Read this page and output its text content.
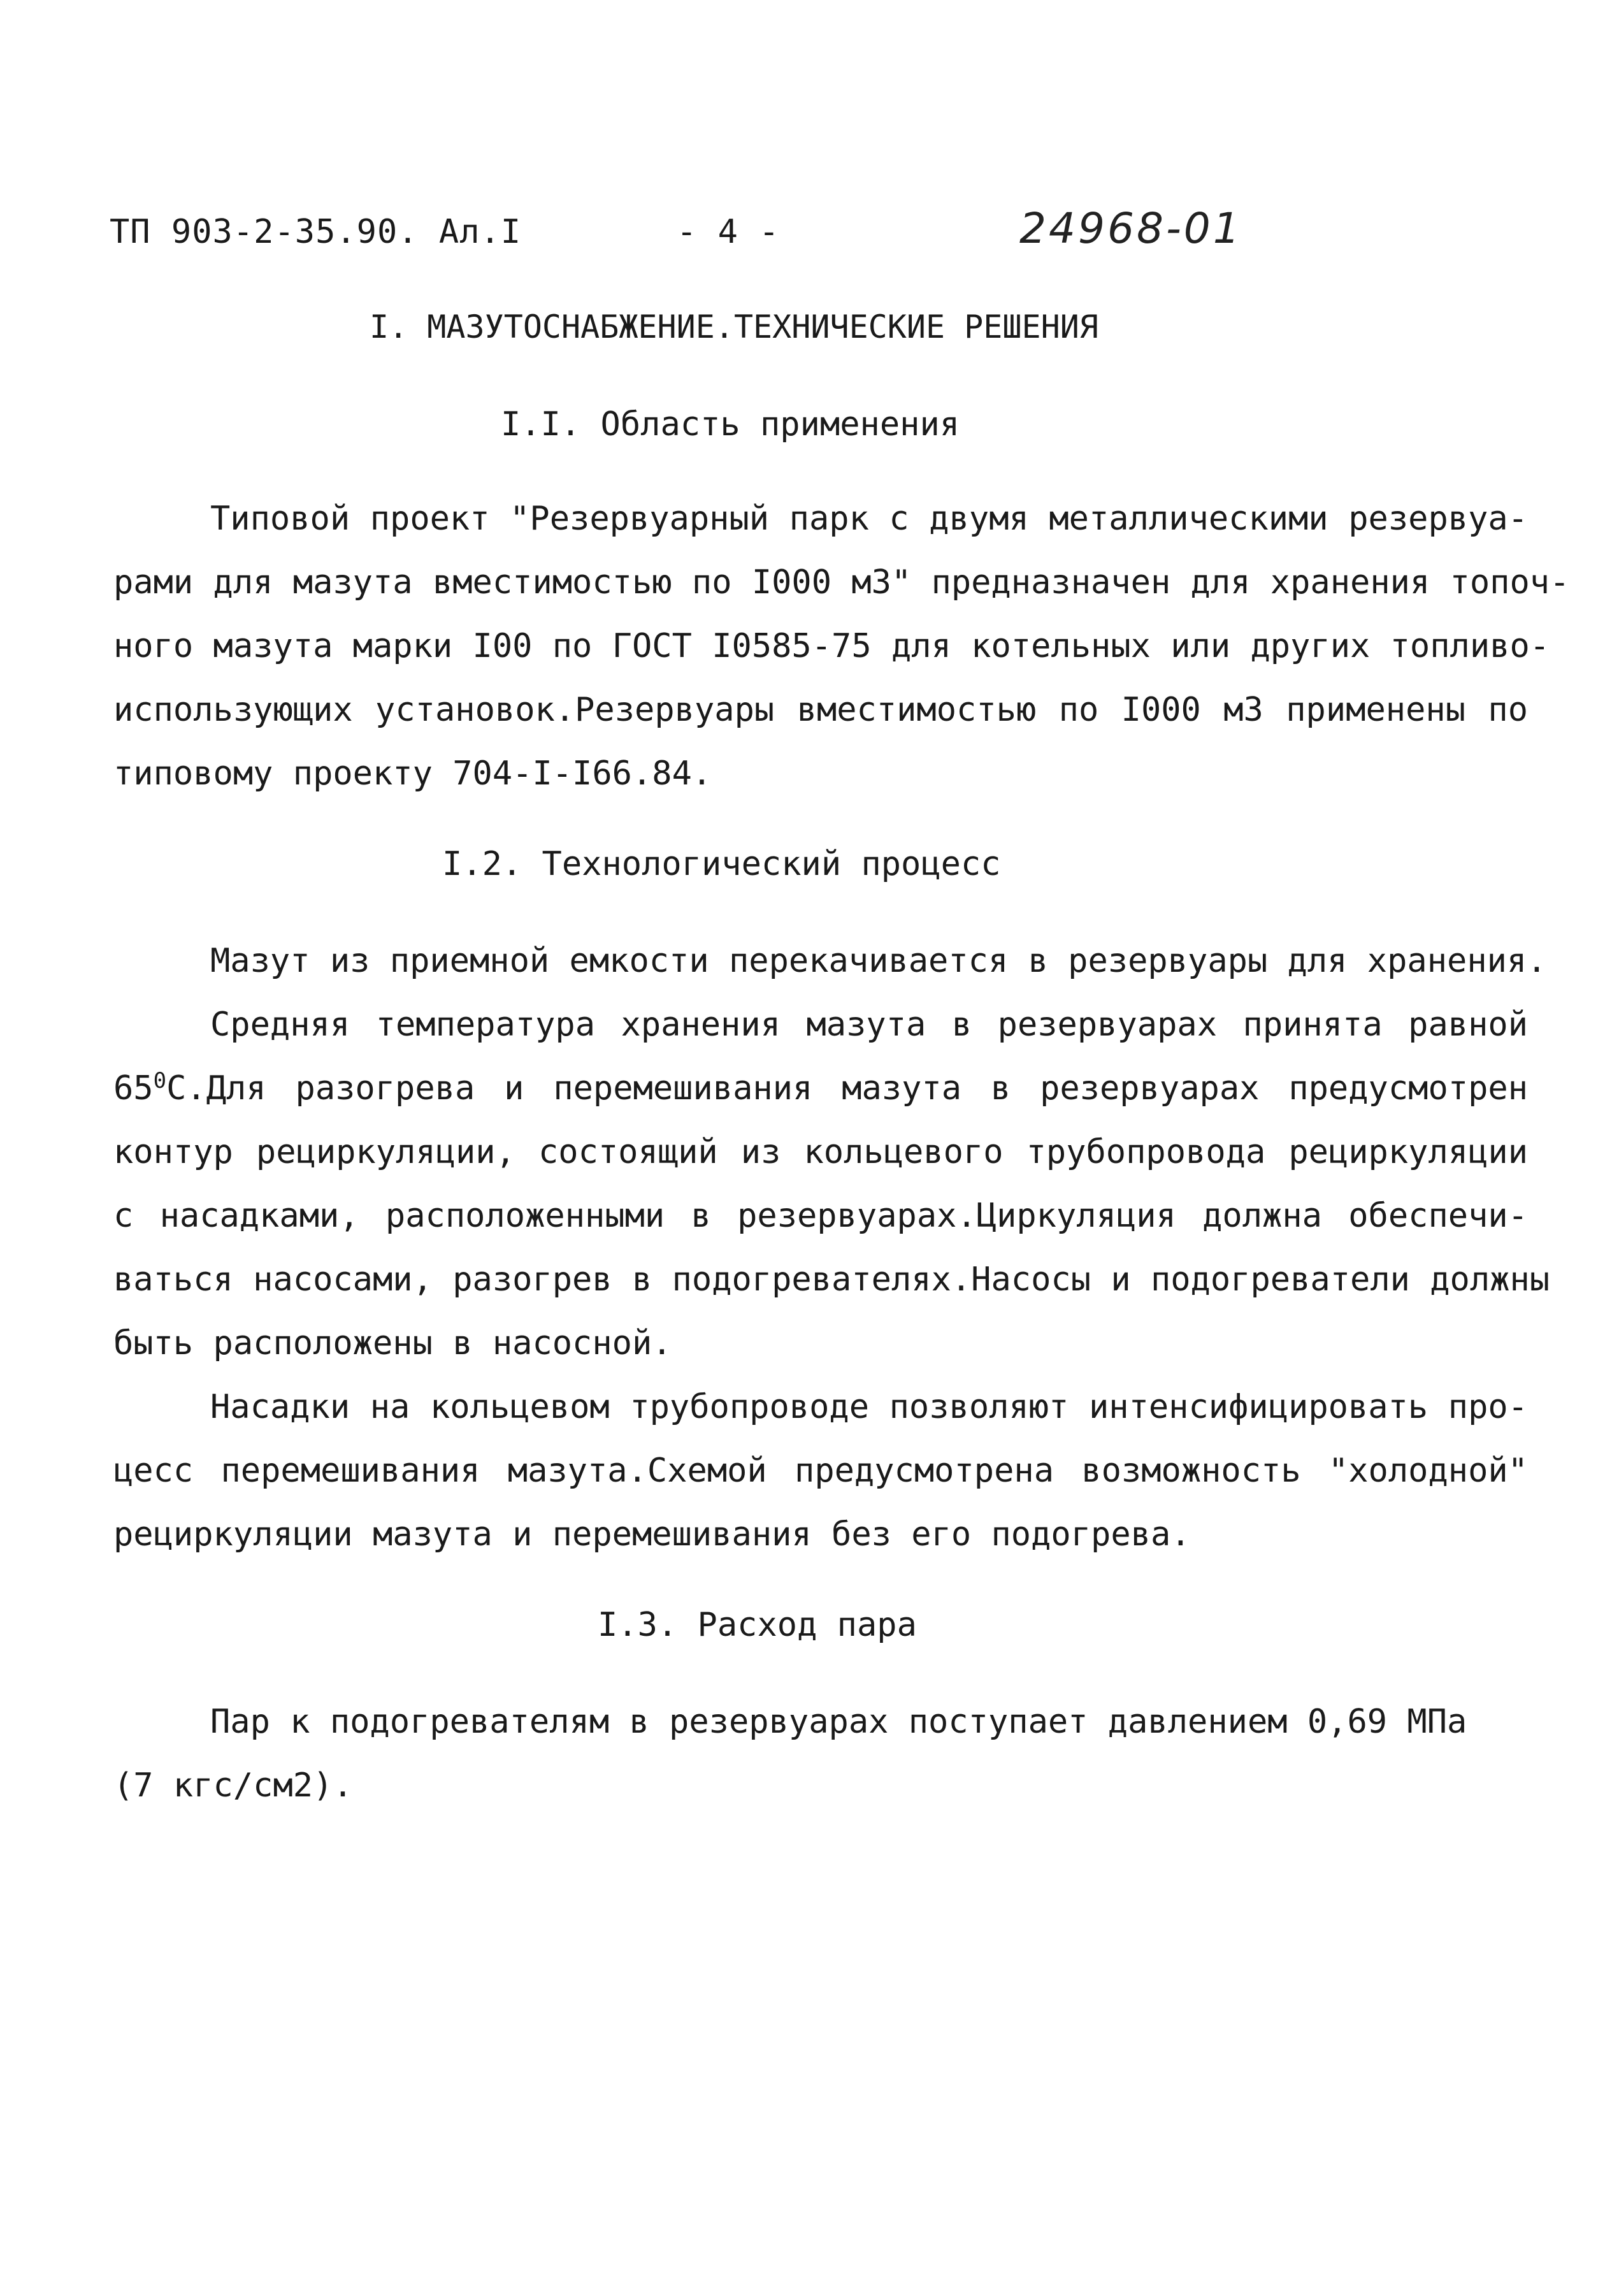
ТП 903-2-35.90. Ал.I	- 4 -	24968-01
I. МАЗУТОСНАБЖЕНИЕ.ТЕХНИЧЕСКИЕ РЕШЕНИЯ
I.I. Область применения
Типовой проект "Резервуарный парк с двумя металлическими резервуа-
рами для мазута вместимостью по I000 м3" предназначен для хранения топоч-
ного мазута марки I00 по ГОСТ I0585-75 для котельных или других топливо-
использующих установок.Резервуары вместимостью по I000 м3 применены по
типовому проекту 704-I-I66.84.
I.2. Технологический процесс
Мазут из приемной емкости перекачивается в резервуары для хранения.
Средняя температура хранения мазута в резервуарах принята равной
$65^0С.Для$ разогрева и перемешивания мазута в резервуарах предусмотрен
контур рециркуляции, состоящий из кольцевого трубопровода рециркуляции
с насадками, расположенными в резервуарах.Циркуляция должна обеспечи-
ваться насосами, разогрев в подогревателях.Насосы и подогреватели должны
быть расположены в насосной.
Насадки на кольцевом трубопроводе позволяют интенсифицировать про-
цесс перемешивания мазута.Схемой предусмотрена возможность "холодной"
рециркуляции мазута и перемешивания без его подогрева.
I.3. Расход пара
Пар к подогревателям в резервуарах поступает давлением 0,69 МПа
(7 кгс/см2).
